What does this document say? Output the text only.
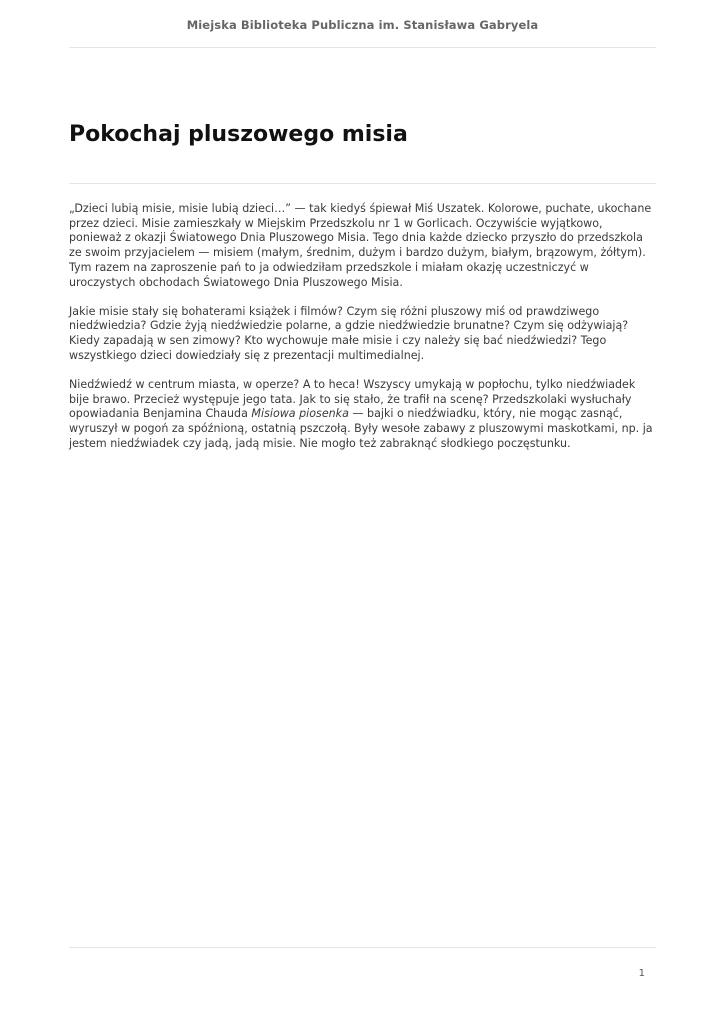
Miejska Biblioteka Publiczna im. Stanisława Gabryela
Pokochaj pluszowego misia

„Dzieci lubią misie, misie lubią dzieci…” — tak kiedyś śpiewał Miś Uszatek. Kolorowe, puchate, ukochane przez dzieci. Misie zamieszkały w Miejskim Przedszkolu nr 1 w Gorlicach. Oczywiście wyjątkowo, ponieważ z okazji Światowego Dnia Pluszowego Misia. Tego dnia każde dziecko przyszło do przedszkola ze swoim przyjacielem — misiem (małym, średnim, dużym i bardzo dużym, białym, brązowym, żółtym). Tym razem na zaproszenie pań to ja odwiedziłam przedszkole i miałam okazję uczestniczyć w uroczystych obchodach Światowego Dnia Pluszowego Misia.

Jakie misie stały się bohaterami książek i filmów? Czym się różni pluszowy miś od prawdziwego niedźwiedzia? Gdzie żyją niedźwiedzie polarne, a gdzie niedźwiedzie brunatne? Czym się odżywiają? Kiedy zapadają w sen zimowy? Kto wychowuje małe misie i czy należy się bać niedźwiedzi? Tego wszystkiego dzieci dowiedziały się z prezentacji multimedialnej.

Niedźwiedź w centrum miasta, w operze? A to heca! Wszyscy umykają w popłochu, tylko niedźwiadek bije brawo. Przecież występuje jego tata. Jak to się stało, że trafił na scenę? Przedszkolaki wysłuchały opowiadania Benjamina Chauda Misiowa piosenka — bajki o niedźwiadku, który, nie mogąc zasnąć, wyruszył w pogoń za spóźnioną, ostatnią pszczołą. Były wesołe zabawy z pluszowymi maskotkami, np. ja jestem niedźwiadek czy jadą, jadą misie. Nie mogło też zabraknąć słodkiego poczęstunku.

1
